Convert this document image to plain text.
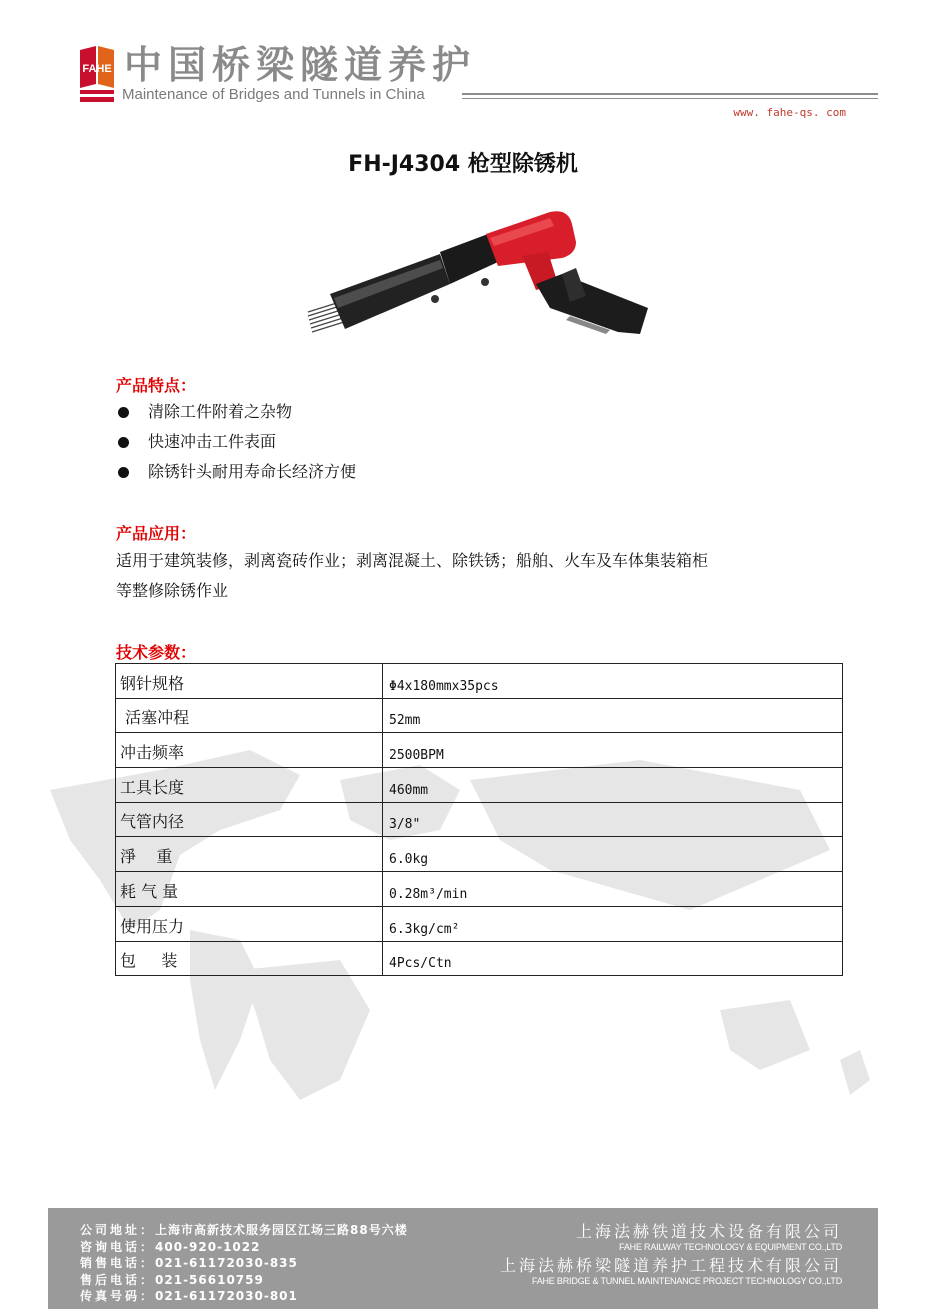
FAHE 中国桥梁隧道养护
Maintenance of Bridges and Tunnels in China
www. fahe-qs. com
FH-J4304 枪型除锈机
产品特点：
清除工件附着之杂物
快速冲击工件表面
除锈针头耐用寿命长经济方便
产品应用：
适用于建筑装修，剥离瓷砖作业；剥离混凝土、除铁锈；船舶、火车及车体集装箱柜
等整修除锈作业
技术参数：
钢针规格	Φ4x180mmx35pcs
活塞冲程	52mm
冲击频率	2500BPM
工具长度	460mm
气管内径	3/8"
淨    重	6.0kg
耗 气 量	0.28m³/min
使用压力	6.3kg/cm²
包     装	4Pcs/Ctn
公司地址：上海市高新技术服务园区江场三路88号六楼
咨询电话：400-920-1022
销售电话：021-61172030-835
售后电话：021-56610759
传真号码：021-61172030-801
上海法赫铁道技术设备有限公司
FAHE RAILWAY TECHNOLOGY & EQUIPMENT CO.,LTD
上海法赫桥梁隧道养护工程技术有限公司
FAHE BRIDGE & TUNNEL MAINTENANCE PROJECT TECHNOLOGY CO.,LTD
